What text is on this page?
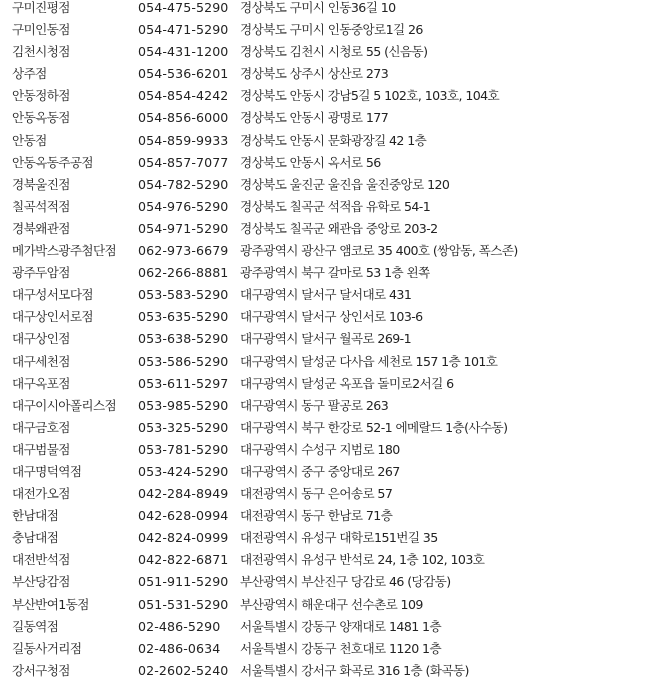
구미진평점	054-475-5290 경상북도 구미시 인동36길 10
구미인동점	054-471-5290 경상북도 구미시 인동중앙로1길 26
김천시청점	054-431-1200 경상북도 김천시 시청로 55 (신음동)
상주점	054-536-6201 경상북도 상주시 상산로 273
안동정하점	054-854-4242 경상북도 안동시 강남5길 5 102호, 103호, 104호
안동옥동점	054-856-6000 경상북도 안동시 광명로 177
안동점	054-859-9933 경상북도 안동시 문화광장길 42 1층
안동옥동주공점	054-857-7077 경상북도 안동시 옥서로 56
경북울진점	054-782-5290 경상북도 울진군 울진읍 울진중앙로 120
칠곡석적점	054-976-5290 경상북도 칠곡군 석적읍 유학로 54-1
경북왜관점	054-971-5290 경상북도 칠곡군 왜관읍 중앙로 203-2
메가박스광주첨단점 062-973-6679 광주광역시 광산구 앰코로 35 400호 (쌍암동, 폭스존)
광주두암점	062-266-8881 광주광역시 북구 갈마로 53 1층 왼쪽
대구성서모다점	053-583-5290 대구광역시 달서구 달서대로 431
대구상인서로점	053-635-5290 대구광역시 달서구 상인서로 103-6
대구상인점	053-638-5290 대구광역시 달서구 월곡로 269-1
대구세천점	053-586-5290 대구광역시 달성군 다사읍 세천로 157 1층 101호
대구옥포점	053-611-5297 대구광역시 달성군 옥포읍 돌미로2서길 6
대구이시아폴리스점 053-985-5290 대구광역시 동구 팔공로 263
대구금호점	053-325-5290 대구광역시 북구 한강로 52-1 에메랄드 1층(사수동)
대구범물점	053-781-5290 대구광역시 수성구 지범로 180
대구명덕역점	053-424-5290 대구광역시 중구 중앙대로 267
대전가오점	042-284-8949 대전광역시 동구 은어송로 57
한남대점	042-628-0994 대전광역시 동구 한남로 71층
충남대점	042-824-0999 대전광역시 유성구 대학로151번길 35
대전반석점	042-822-6871 대전광역시 유성구 반석로 24, 1층 102, 103호
부산당감점	051-911-5290 부산광역시 부산진구 당감로 46 (당감동)
부산반여1동점	051-531-5290 부산광역시 해운대구 선수촌로 109
길동역점	02-486-5290 서울특별시 강동구 양재대로 1481 1층
길동사거리점	02-486-0634 서울특별시 강동구 천호대로 1120 1층
강서구청점	02-2602-5240 서울특별시 강서구 화곡로 316 1층 (화곡동)
